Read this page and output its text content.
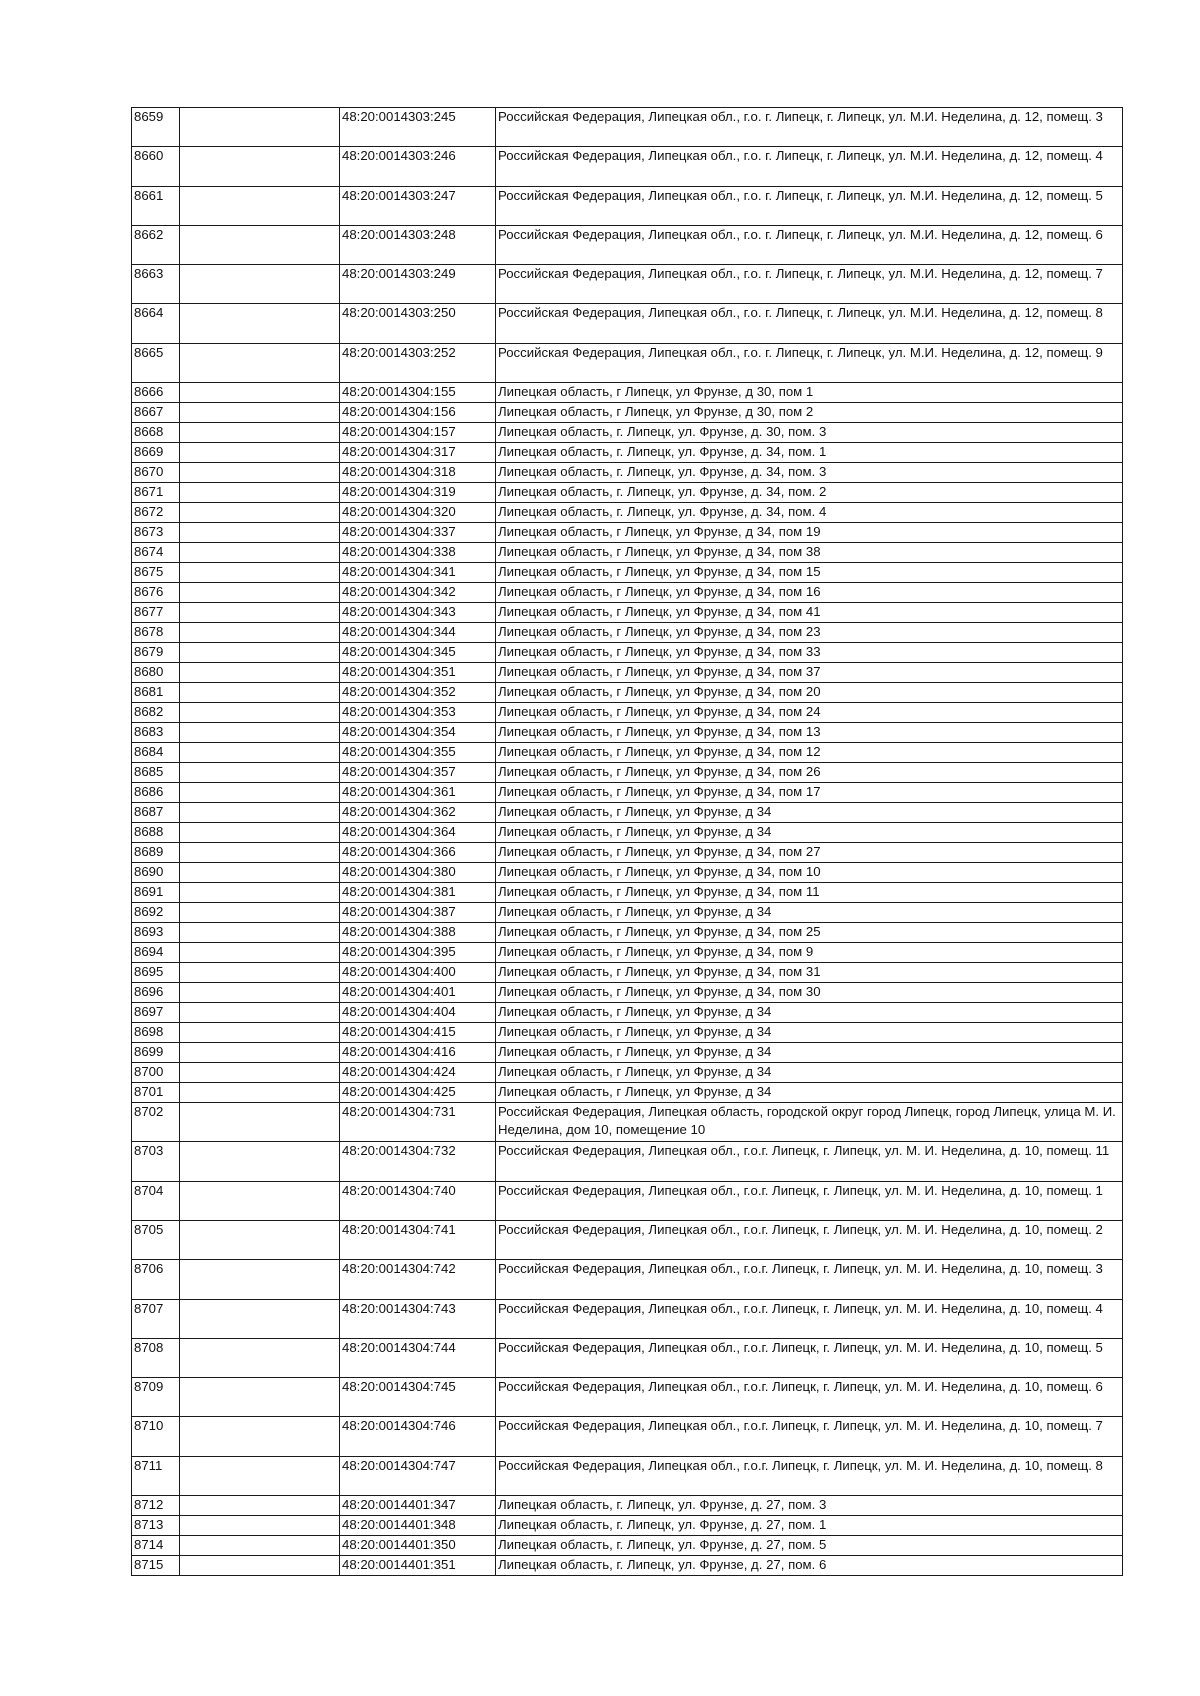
8659		48:20:0014303:245	Российская Федерация, Липецкая обл., г.о. г. Липецк, г. Липецк, ул. М.И. Неделина, д. 12, помещ. 3
8660		48:20:0014303:246	Российская Федерация, Липецкая обл., г.о. г. Липецк, г. Липецк, ул. М.И. Неделина, д. 12, помещ. 4
8661		48:20:0014303:247	Российская Федерация, Липецкая обл., г.о. г. Липецк, г. Липецк, ул. М.И. Неделина, д. 12, помещ. 5
8662		48:20:0014303:248	Российская Федерация, Липецкая обл., г.о. г. Липецк, г. Липецк, ул. М.И. Неделина, д. 12, помещ. 6
8663		48:20:0014303:249	Российская Федерация, Липецкая обл., г.о. г. Липецк, г. Липецк, ул. М.И. Неделина, д. 12, помещ. 7
8664		48:20:0014303:250	Российская Федерация, Липецкая обл., г.о. г. Липецк, г. Липецк, ул. М.И. Неделина, д. 12, помещ. 8
8665		48:20:0014303:252	Российская Федерация, Липецкая обл., г.о. г. Липецк, г. Липецк, ул. М.И. Неделина, д. 12, помещ. 9
8666		48:20:0014304:155	Липецкая область, г Липецк, ул Фрунзе, д 30, пом 1
8667		48:20:0014304:156	Липецкая область, г Липецк, ул Фрунзе, д 30, пом 2
8668		48:20:0014304:157	Липецкая область, г. Липецк, ул. Фрунзе, д. 30, пом. 3
8669		48:20:0014304:317	Липецкая область, г. Липецк, ул. Фрунзе, д. 34, пом. 1
8670		48:20:0014304:318	Липецкая область, г. Липецк, ул. Фрунзе, д. 34, пом. 3
8671		48:20:0014304:319	Липецкая область, г. Липецк, ул. Фрунзе, д. 34, пом. 2
8672		48:20:0014304:320	Липецкая область, г. Липецк, ул. Фрунзе, д. 34, пом. 4
8673		48:20:0014304:337	Липецкая область, г Липецк, ул Фрунзе, д 34, пом 19
8674		48:20:0014304:338	Липецкая область, г Липецк, ул Фрунзе, д 34, пом 38
8675		48:20:0014304:341	Липецкая область, г Липецк, ул Фрунзе, д 34, пом 15
8676		48:20:0014304:342	Липецкая область, г Липецк, ул Фрунзе, д 34, пом 16
8677		48:20:0014304:343	Липецкая область, г Липецк, ул Фрунзе, д 34, пом 41
8678		48:20:0014304:344	Липецкая область, г Липецк, ул Фрунзе, д 34, пом 23
8679		48:20:0014304:345	Липецкая область, г Липецк, ул Фрунзе, д 34, пом 33
8680		48:20:0014304:351	Липецкая область, г Липецк, ул Фрунзе, д 34, пом 37
8681		48:20:0014304:352	Липецкая область, г Липецк, ул Фрунзе, д 34, пом 20
8682		48:20:0014304:353	Липецкая область, г Липецк, ул Фрунзе, д 34, пом 24
8683		48:20:0014304:354	Липецкая область, г Липецк, ул Фрунзе, д 34, пом 13
8684		48:20:0014304:355	Липецкая область, г Липецк, ул Фрунзе, д 34, пом 12
8685		48:20:0014304:357	Липецкая область, г Липецк, ул Фрунзе, д 34, пом 26
8686		48:20:0014304:361	Липецкая область, г Липецк, ул Фрунзе, д 34, пом 17
8687		48:20:0014304:362	Липецкая область, г Липецк, ул Фрунзе, д 34
8688		48:20:0014304:364	Липецкая область, г Липецк, ул Фрунзе, д 34
8689		48:20:0014304:366	Липецкая область, г Липецк, ул Фрунзе, д 34, пом 27
8690		48:20:0014304:380	Липецкая область, г Липецк, ул Фрунзе, д 34, пом 10
8691		48:20:0014304:381	Липецкая область, г Липецк, ул Фрунзе, д 34, пом 11
8692		48:20:0014304:387	Липецкая область, г Липецк, ул Фрунзе, д 34
8693		48:20:0014304:388	Липецкая область, г Липецк, ул Фрунзе, д 34, пом 25
8694		48:20:0014304:395	Липецкая область, г Липецк, ул Фрунзе, д 34, пом 9
8695		48:20:0014304:400	Липецкая область, г Липецк, ул Фрунзе, д 34, пом 31
8696		48:20:0014304:401	Липецкая область, г Липецк, ул Фрунзе, д 34, пом 30
8697		48:20:0014304:404	Липецкая область, г Липецк, ул Фрунзе, д 34
8698		48:20:0014304:415	Липецкая область, г Липецк, ул Фрунзе, д 34
8699		48:20:0014304:416	Липецкая область, г Липецк, ул Фрунзе, д 34
8700		48:20:0014304:424	Липецкая область, г Липецк, ул Фрунзе, д 34
8701		48:20:0014304:425	Липецкая область, г Липецк, ул Фрунзе, д 34
8702		48:20:0014304:731	Российская Федерация, Липецкая область, городской округ город Липецк, город Липецк, улица М. И. Неделина, дом 10, помещение 10
8703		48:20:0014304:732	Российская Федерация, Липецкая обл., г.о.г. Липецк, г. Липецк, ул. М. И. Неделина, д. 10, помещ. 11
8704		48:20:0014304:740	Российская Федерация, Липецкая обл., г.о.г. Липецк, г. Липецк, ул. М. И. Неделина, д. 10, помещ. 1
8705		48:20:0014304:741	Российская Федерация, Липецкая обл., г.о.г. Липецк, г. Липецк, ул. М. И. Неделина, д. 10, помещ. 2
8706		48:20:0014304:742	Российская Федерация, Липецкая обл., г.о.г. Липецк, г. Липецк, ул. М. И. Неделина, д. 10, помещ. 3
8707		48:20:0014304:743	Российская Федерация, Липецкая обл., г.о.г. Липецк, г. Липецк, ул. М. И. Неделина, д. 10, помещ. 4
8708		48:20:0014304:744	Российская Федерация, Липецкая обл., г.о.г. Липецк, г. Липецк, ул. М. И. Неделина, д. 10, помещ. 5
8709		48:20:0014304:745	Российская Федерация, Липецкая обл., г.о.г. Липецк, г. Липецк, ул. М. И. Неделина, д. 10, помещ. 6
8710		48:20:0014304:746	Российская Федерация, Липецкая обл., г.о.г. Липецк, г. Липецк, ул. М. И. Неделина, д. 10, помещ. 7
8711		48:20:0014304:747	Российская Федерация, Липецкая обл., г.о.г. Липецк, г. Липецк, ул. М. И. Неделина, д. 10, помещ. 8
8712		48:20:0014401:347	Липецкая область, г. Липецк, ул. Фрунзе, д. 27, пом. 3
8713		48:20:0014401:348	Липецкая область, г. Липецк, ул. Фрунзе, д. 27, пом. 1
8714		48:20:0014401:350	Липецкая область, г. Липецк, ул. Фрунзе, д. 27, пом. 5
8715		48:20:0014401:351	Липецкая область, г. Липецк, ул. Фрунзе, д. 27, пом. 6
